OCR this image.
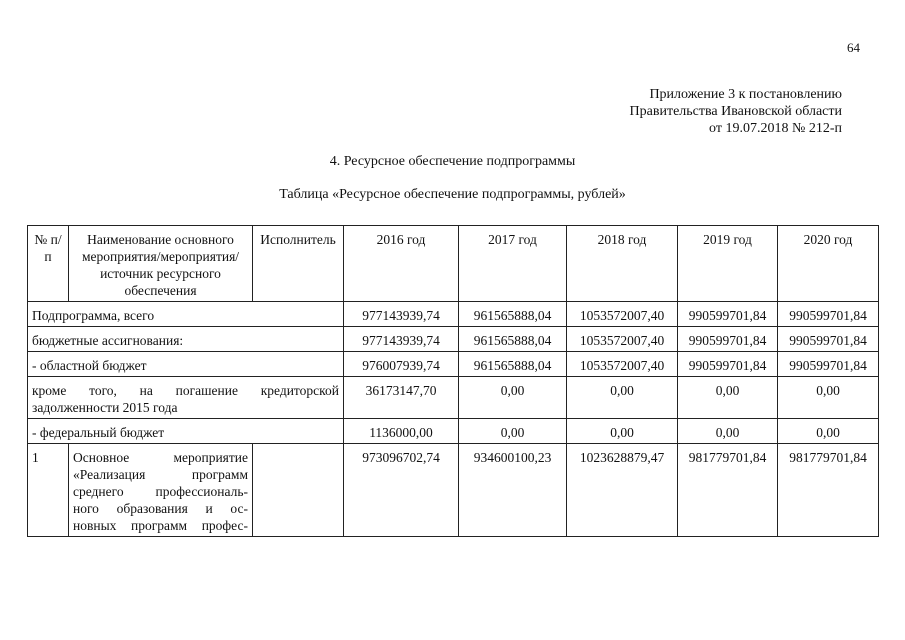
64
Приложение 3 к постановлению
Правительства Ивановской области
от 19.07.2018 № 212-п
4. Ресурсное обеспечение подпрограммы
Таблица «Ресурсное обеспечение подпрограммы, рублей»
№ п/п	Наименование основного мероприятия/мероприятия/ источник ресурсного обеспечения	Исполнитель	2016 год	2017 год	2018 год	2019 год	2020 год
Подпрограмма, всего			977143939,74	961565888,04	1053572007,40	990599701,84	990599701,84
бюджетные ассигнования:			977143939,74	961565888,04	1053572007,40	990599701,84	990599701,84
- областной бюджет			976007939,74	961565888,04	1053572007,40	990599701,84	990599701,84

кроме того, на погашение кредиторской
задолженности 2015 года			36173147,70	0,00	0,00	0,00	0,00
- федеральный бюджет			1136000,00	0,00	0,00	0,00	0,00
1	Основное мероприятие
«Реализация программ
среднего профессиональ-
ного образования и ос-
новных программ профес-		973096702,74	934600100,23	1023628879,47	981779701,84	981779701,84
